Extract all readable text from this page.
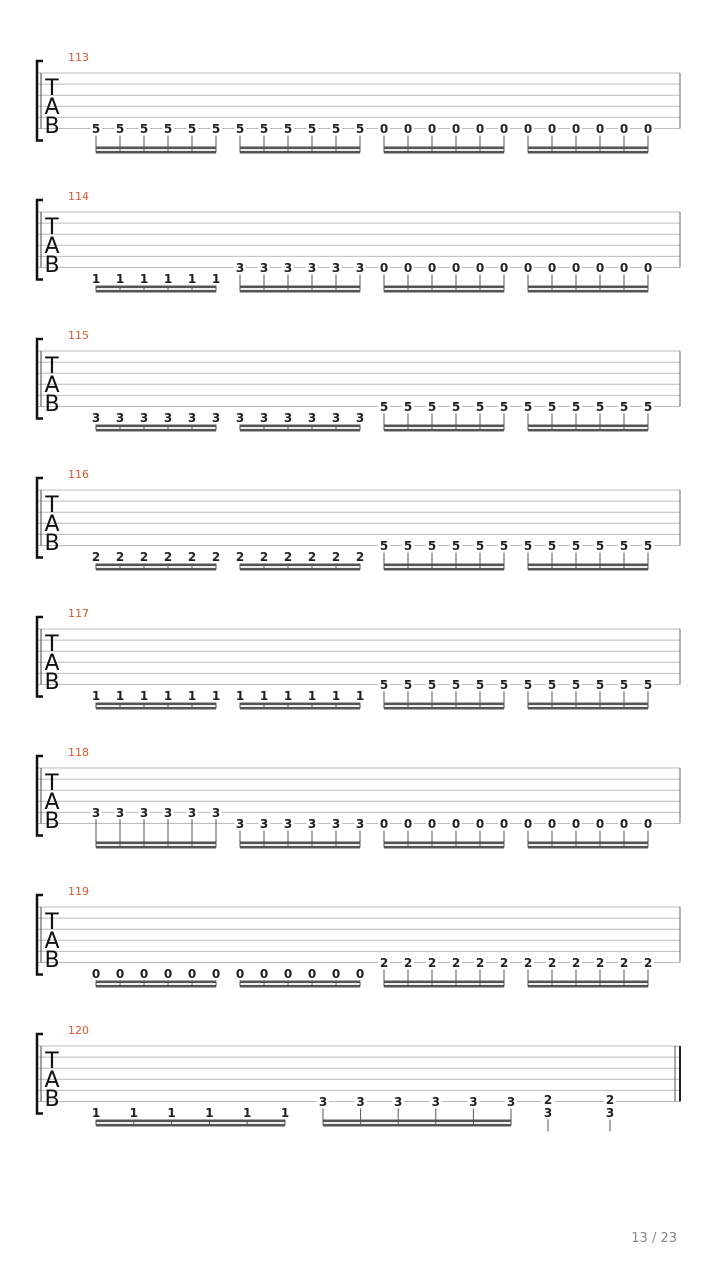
T
A
B
113
5 5 5 5 5 5 5 5 5 5 5 5 0 0 0 0 0 0 0 0 0 0 0 0
T
A
B
114
1 1 1 1 1 1
3 3 3 3 3 3 0 0 0 0 0 0 0 0 0 0 0 0
T
A
B
115
3 3 3 3 3 3 3 3 3 3 3 3
5 5 5 5 5 5 5 5 5 5 5 5
T
A
B
116
2 2 2 2 2 2 2 2 2 2 2 2
5 5 5 5 5 5 5 5 5 5 5 5
T
A
B
117
1 1 1 1 1 1 1 1 1 1 1 1
5 5 5 5 5 5 5 5 5 5 5 5
T
A
B
118
3 3 3 3 3 3
3 3 3 3 3 3 0 0 0 0 0 0 0 0 0 0 0 0
T
A
B
119
0 0 0 0 0 0 0 0 0 0 0 0
2 2 2 2 2 2 2 2 2 2 2 2
T
A
B
120
1 1 1 1 1 1
3 3 3 3 3 3 2
3
2
3
13 / 23
